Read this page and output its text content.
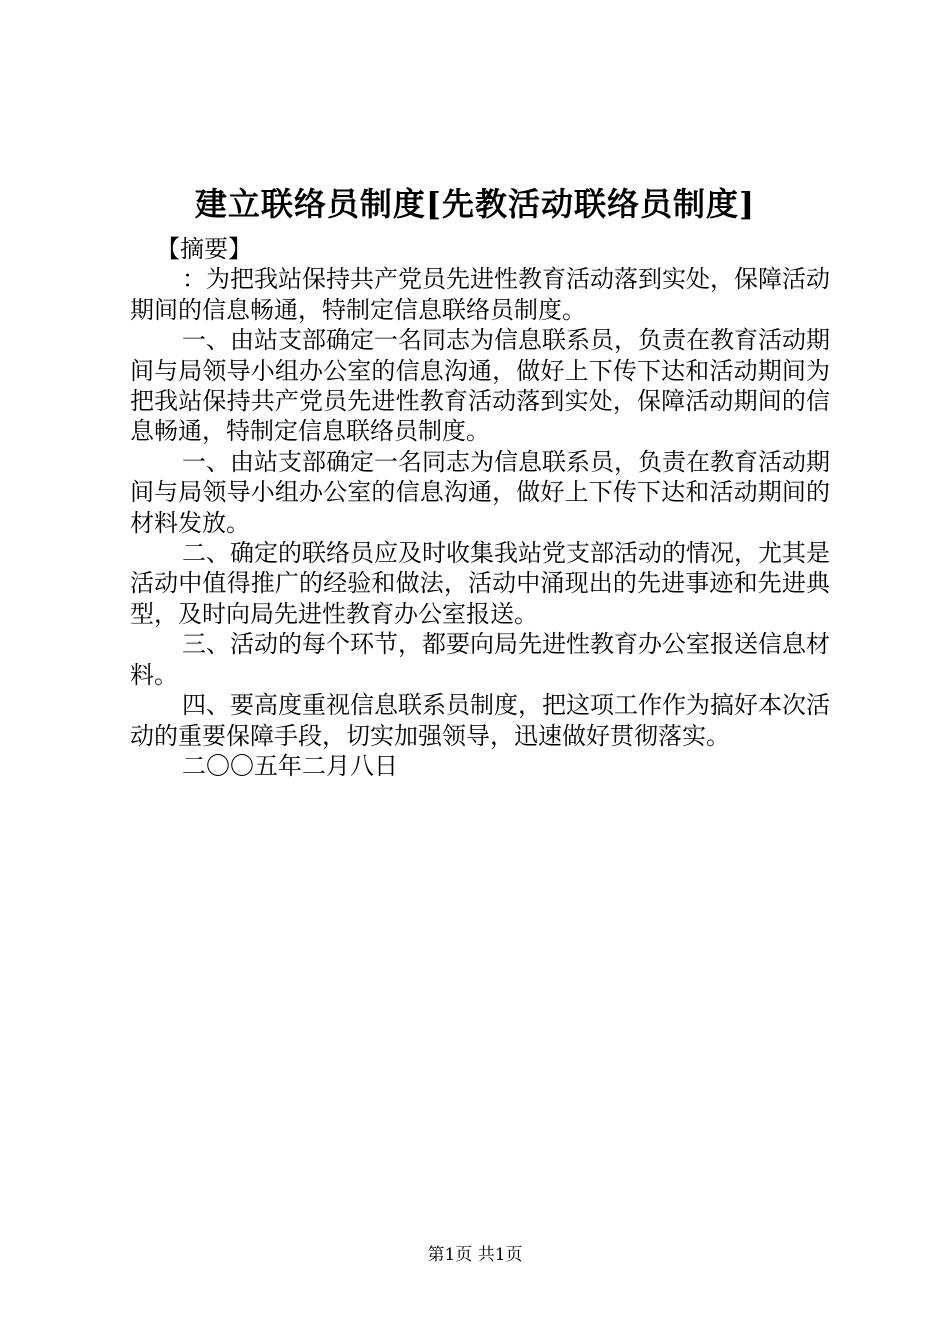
建立联络员制度[先教活动联络员制度]

【摘要】

：为把我站保持共产党员先进性教育活动落到实处，保障活动期间的信息畅通，特制定信息联络员制度。

一、由站支部确定一名同志为信息联系员，负责在教育活动期间与局领导小组办公室的信息沟通，做好上下传下达和活动期间为把我站保持共产党员先进性教育活动落到实处，保障活动期间的信息畅通，特制定信息联络员制度。

一、由站支部确定一名同志为信息联系员，负责在教育活动期间与局领导小组办公室的信息沟通，做好上下传下达和活动期间的材料发放。

二、确定的联络员应及时收集我站党支部活动的情况，尤其是活动中值得推广的经验和做法，活动中涌现出的先进事迹和先进典型，及时向局先进性教育办公室报送。

三、活动的每个环节，都要向局先进性教育办公室报送信息材料。

四、要高度重视信息联系员制度，把这项工作作为搞好本次活动的重要保障手段，切实加强领导，迅速做好贯彻落实。

二〇〇五年二月八日

第1页 共1页
